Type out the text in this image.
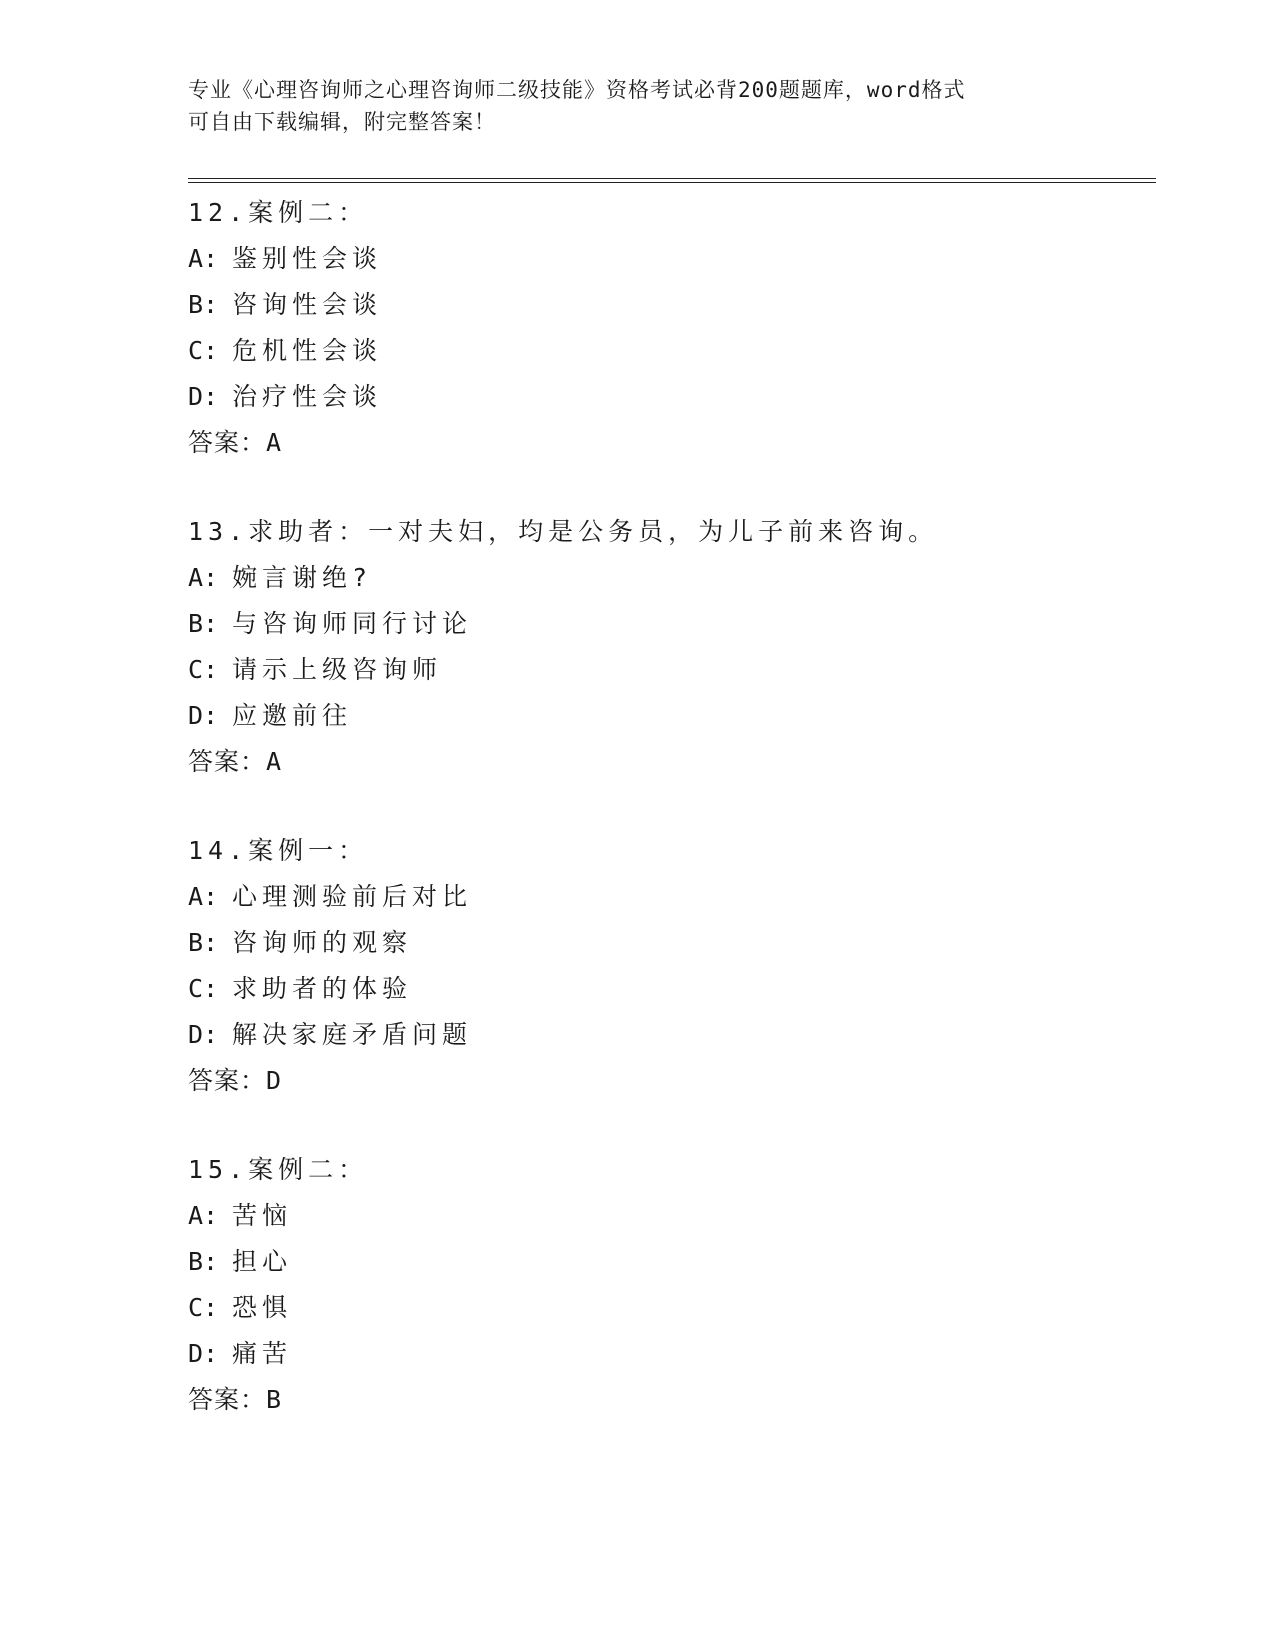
专业《心理咨询师之心理咨询师二级技能》资格考试必背200题题库，word格式
可自由下载编辑，附完整答案！
12.案例二：
A: 鉴别性会谈
B: 咨询性会谈
C: 危机性会谈
D: 治疗性会谈
答案：A
13.求助者：一对夫妇，均是公务员，为儿子前来咨询。
A: 婉言谢绝?
B: 与咨询师同行讨论
C: 请示上级咨询师
D: 应邀前往
答案：A
14.案例一：
A: 心理测验前后对比
B: 咨询师的观察
C: 求助者的体验
D: 解决家庭矛盾问题
答案：D
15.案例二：
A: 苦恼
B: 担心
C: 恐惧
D: 痛苦
答案：B
